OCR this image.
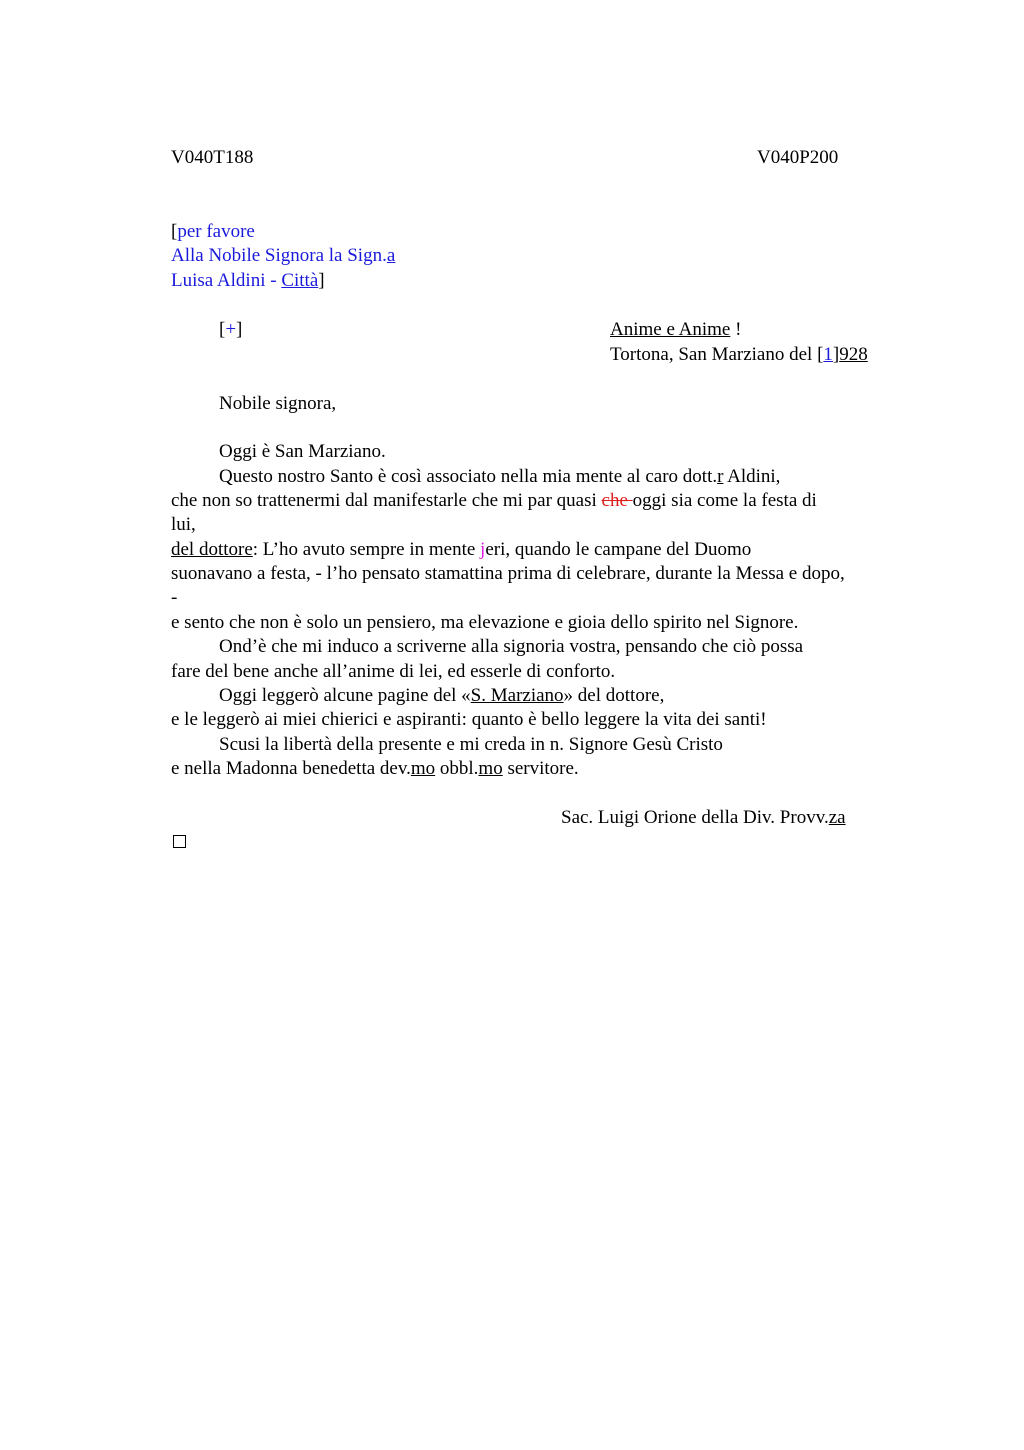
V040T188	V040P200
[per favore
Alla Nobile Signora la Sign.a
Luisa Aldini - Città]
[+]	Anime e Anime !
Tortona, San Marziano del [1]928
Nobile signora,
Oggi è San Marziano.
Questo nostro Santo è così associato nella mia mente al caro dott.r Aldini,
che non so trattenermi dal manifestarle che mi par quasi che oggi sia come la festa di
lui,
del dottore: L’ho avuto sempre in mente jeri, quando le campane del Duomo
suonavano a festa, - l’ho pensato stamattina prima di celebrare, durante la Messa e dopo,
-
e sento che non è solo un pensiero, ma elevazione e gioia dello spirito nel Signore.
Ond’è che mi induco a scriverne alla signoria vostra, pensando che ciò possa
fare del bene anche all’anime di lei, ed esserle di conforto.
Oggi leggerò alcune pagine del «S. Marziano» del dottore,
e le leggerò ai miei chierici e aspiranti: quanto è bello leggere la vita dei santi!
Scusi la libertà della presente e mi creda in n. Signore Gesù Cristo
e nella Madonna benedetta dev.mo obbl.mo servitore.
Sac. Luigi Orione della Div. Provv.za
